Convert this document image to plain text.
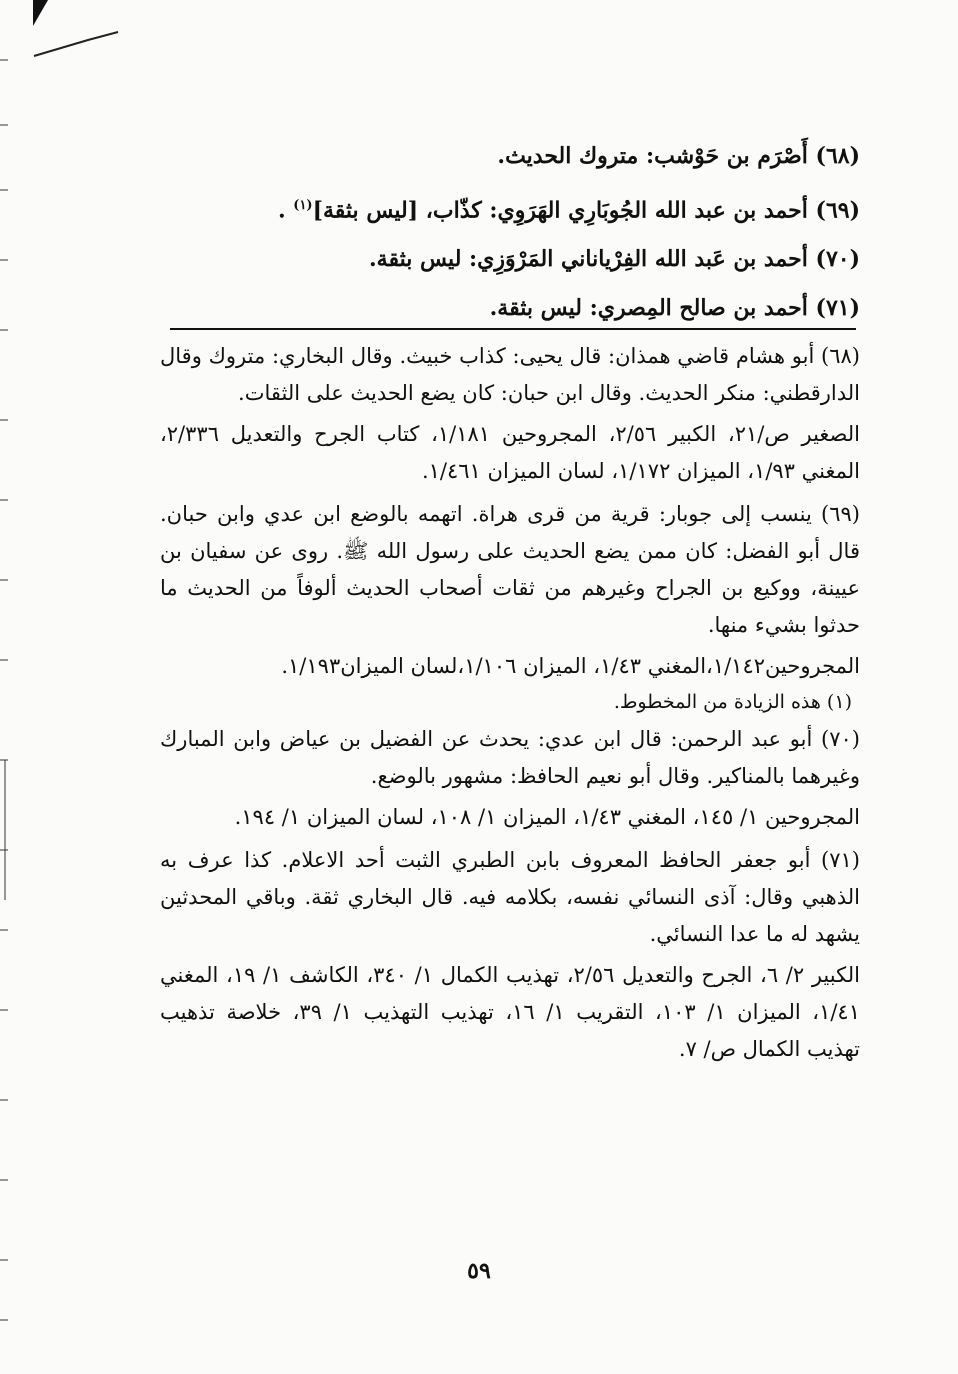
(٦٨) أَصْرَم بن حَوْشب: متروك الحديث.
(٦٩) أحمد بن عبد الله الجُوبَارِي الهَرَوِي: كذّاب، [ليس بثقة]$^{(١)}$ .
(٧٠) أحمد بن عَبد الله الفِرْياناني المَرْوَزِي: ليس بثقة.
(٧١) أحمد بن صالح المِصري: ليس بثقة.

(٦٨) أبو هشام قاضي همذان: قال يحيى: كذاب خبيث. وقال البخاري: متروك وقال الدارقطني: منكر الحديث. وقال ابن حبان: كان يضع الحديث على الثقات.

الصغير ص/٢١، الكبير ٢/٥٦، المجروحين ١/١٨١، كتاب الجرح والتعديل ٢/٣٣٦، المغني ١/٩٣، الميزان ١/١٧٢، لسان الميزان ١/٤٦١.

(٦٩) ينسب إلى جوبار: قرية من قرى هراة. اتهمه بالوضع ابن عدي وابن حبان. قال أبو الفضل: كان ممن يضع الحديث على رسول الله ﷺ. روى عن سفيان بن عيينة، ووكيع بن الجراح وغيرهم من ثقات أصحاب الحديث ألوفاً من الحديث ما حدثوا بشيء منها.

المجروحين١/١٤٢،المغني ١/٤٣، الميزان ١/١٠٦،لسان الميزان١/١٩٣.

(١) هذه الزيادة من المخطوط.

(٧٠) أبو عبد الرحمن: قال ابن عدي: يحدث عن الفضيل بن عياض وابن المبارك وغيرهما بالمناكير. وقال أبو نعيم الحافظ: مشهور بالوضع.

المجروحين ١/ ١٤٥، المغني ١/٤٣، الميزان ١/ ١٠٨، لسان الميزان ١/ ١٩٤.

(٧١) أبو جعفر الحافظ المعروف بابن الطبري الثبت أحد الاعلام. كذا عرف به الذهبي وقال: آذى النسائي نفسه، بكلامه فيه. قال البخاري ثقة. وباقي المحدثين يشهد له ما عدا النسائي.

الكبير ٢/ ٦، الجرح والتعديل ٢/٥٦، تهذيب الكمال ١/ ٣٤٠، الكاشف ١/ ١٩، المغني ١/٤١، الميزان ١/ ١٠٣، التقريب ١/ ١٦، تهذيب التهذيب ١/ ٣٩، خلاصة تذهيب تهذيب الكمال ص/ ٧.

٥٩
